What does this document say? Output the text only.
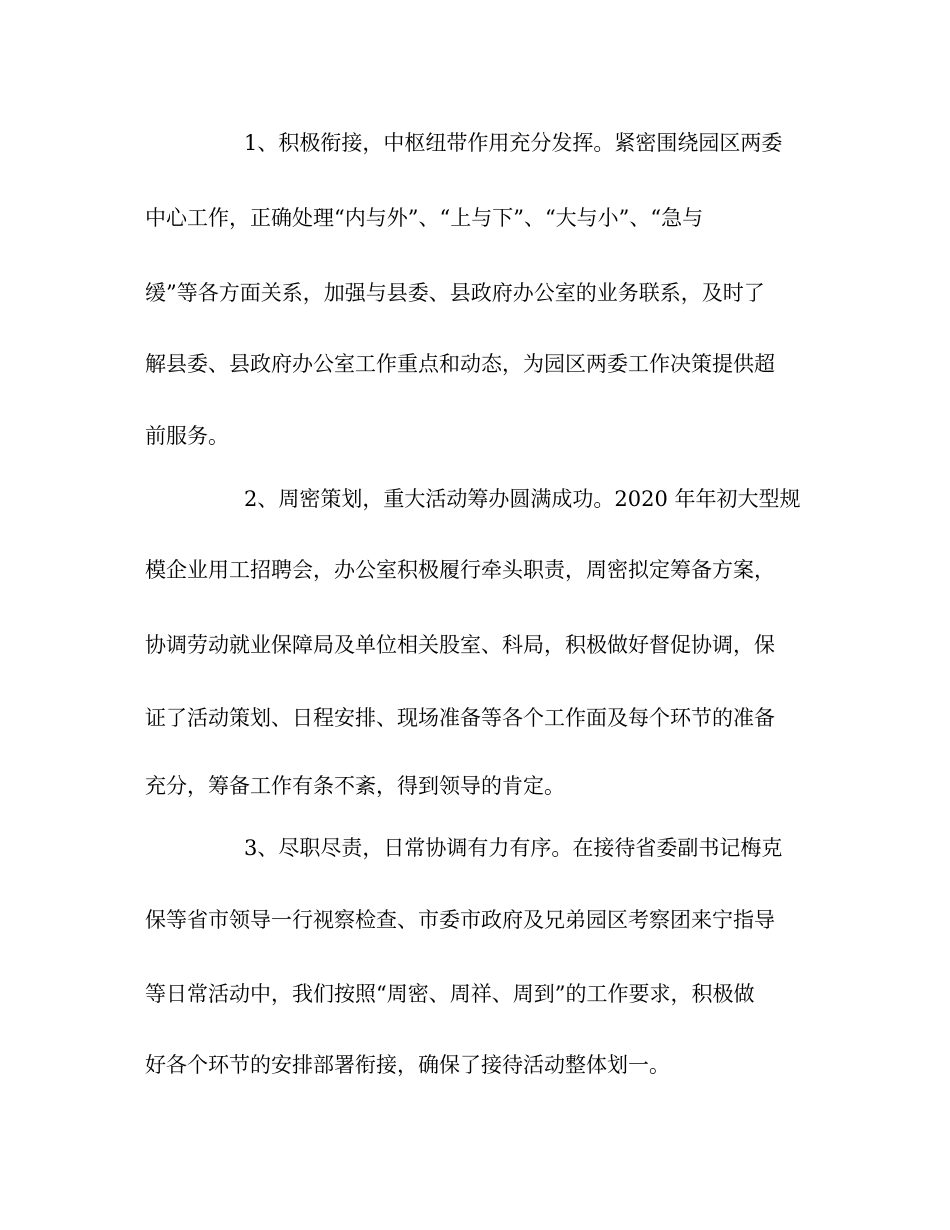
1、积极衔接，中枢纽带作用充分发挥。紧密围绕园区两委

中心工作，正确处理“内与外”、“上与下”、“大与小”、“急与

缓”等各方面关系，加强与县委、县政府办公室的业务联系，及时了

解县委、县政府办公室工作重点和动态，为园区两委工作决策提供超

前服务。

2、周密策划，重大活动筹办圆满成功。2020 年年初大型规

模企业用工招聘会，办公室积极履行牵头职责，周密拟定筹备方案，

协调劳动就业保障局及单位相关股室、科局，积极做好督促协调，保

证了活动策划、日程安排、现场准备等各个工作面及每个环节的准备

充分，筹备工作有条不紊，得到领导的肯定。

3、尽职尽责，日常协调有力有序。在接待省委副书记梅克

保等省市领导一行视察检查、市委市政府及兄弟园区考察团来宁指导

等日常活动中，我们按照“周密、周祥、周到”的工作要求，积极做

好各个环节的安排部署衔接，确保了接待活动整体划一。
